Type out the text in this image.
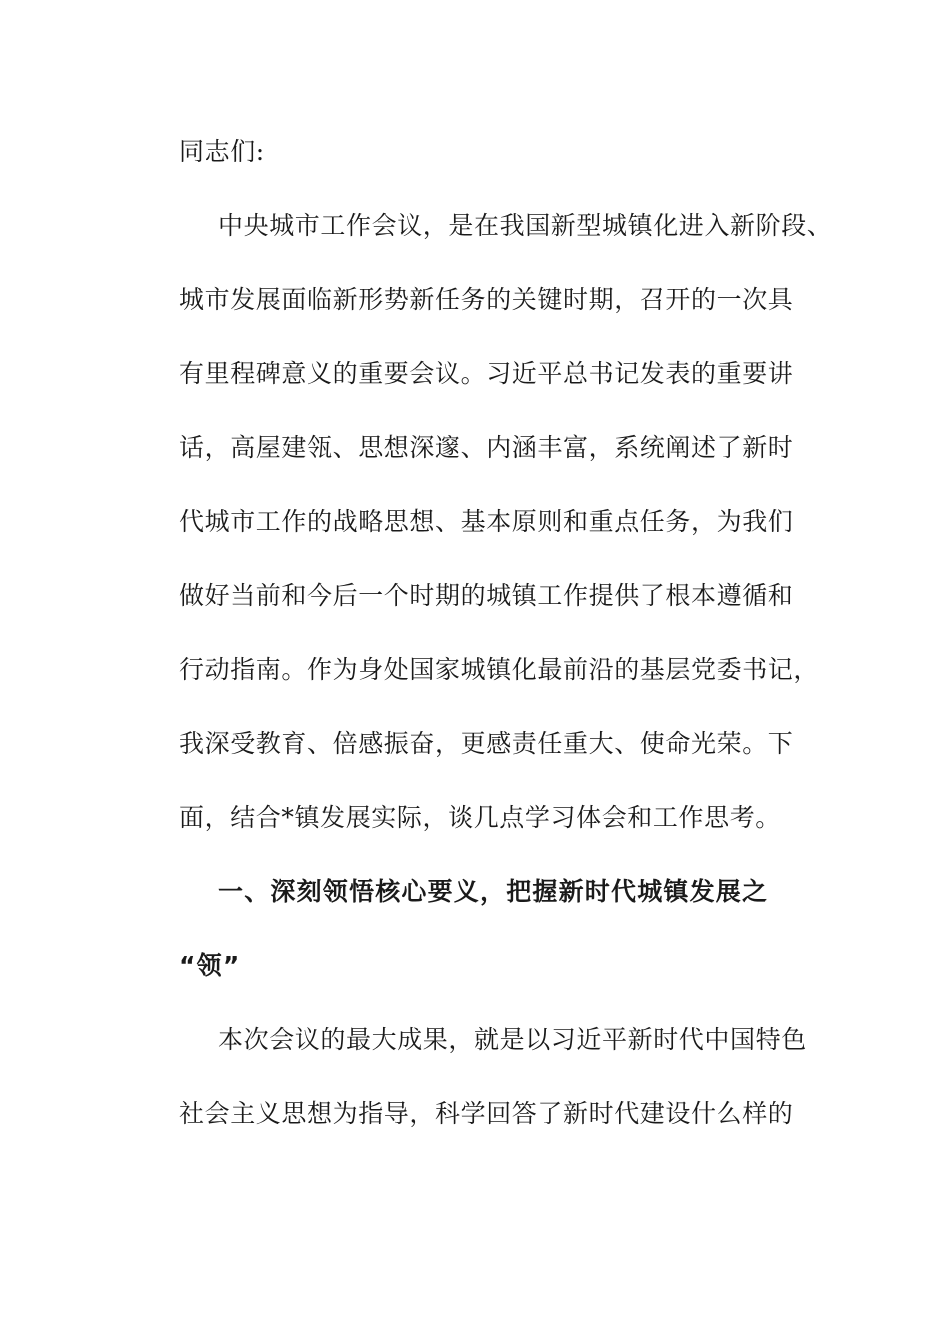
同志们:

中央城市工作会议，是在我国新型城镇化进入新阶段、

城市发展面临新形势新任务的关键时期，召开的一次具

有里程碑意义的重要会议。习近平总书记发表的重要讲

话，高屋建瓴、思想深邃、内涵丰富，系统阐述了新时

代城市工作的战略思想、基本原则和重点任务，为我们

做好当前和今后一个时期的城镇工作提供了根本遵循和

行动指南。作为身处国家城镇化最前沿的基层党委书记，

我深受教育、倍感振奋，更感责任重大、使命光荣。下

面，结合*镇发展实际，谈几点学习体会和工作思考。

一、深刻领悟核心要义，把握新时代城镇发展之

“领”

本次会议的最大成果，就是以习近平新时代中国特色

社会主义思想为指导，科学回答了新时代建设什么样的
